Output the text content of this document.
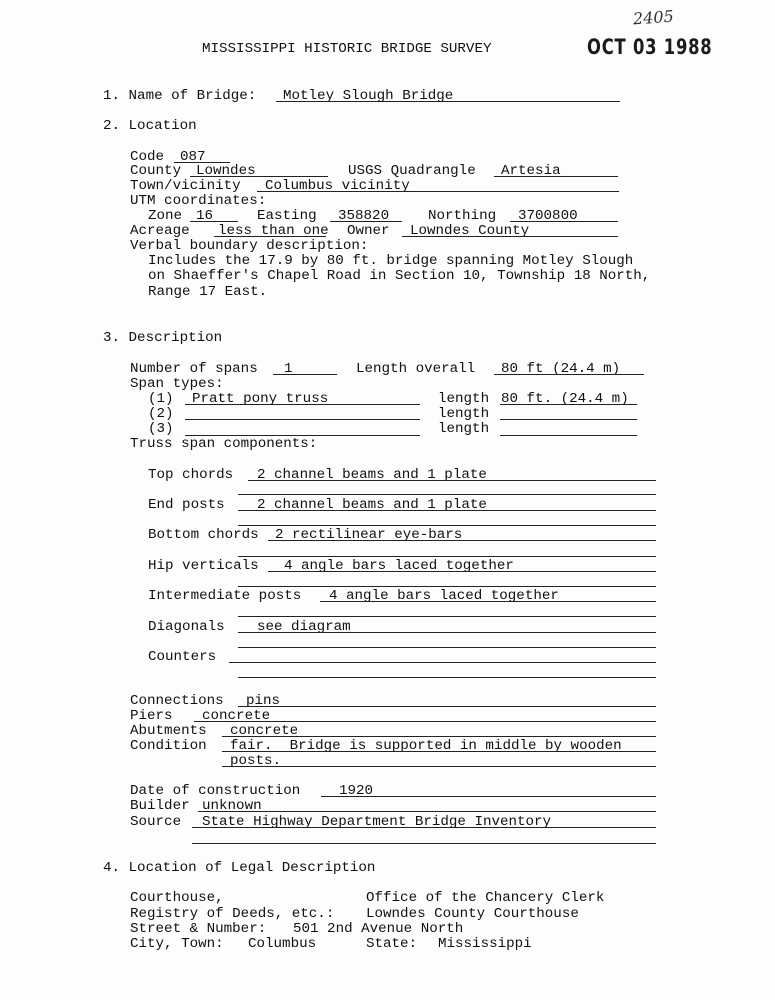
MISSISSIPPI HISTORIC BRIDGE SURVEY	OCT 03 1988
2405
1. Name of Bridge: Motley Slough Bridge
2. Location
Code 087
County Lowndes	USGS Quadrangle Artesia
Town/vicinity Columbus vicinity
UTM coordinates:
Zone 16	Easting 358820	Northing 3700800
Acreage less than one Owner Lowndes County
Verbal boundary description:
Includes the 17.9 by 80 ft. bridge spanning Motley Slough
on Shaeffer's Chapel Road in Section 10, Township 18 North,
Range 17 East.
3. Description
Number of spans 1	Length overall 80 ft (24.4 m)
Span types:
(1) Pratt pony truss	length 80 ft. (24.4 m)
(2)	length
(3)	length
Truss span components:
Top chords 2 channel beams and 1 plate
End posts 2 channel beams and 1 plate
Bottom chords 2 rectilinear eye-bars
Hip verticals 4 angle bars laced together
Intermediate posts 4 angle bars laced together
Diagonals see diagram
Counters
Connections pins
Piers concrete
Abutments concrete
Condition fair.  Bridge is supported in middle by wooden
posts.
Date of construction	1920
Builder unknown
Source State Highway Department Bridge Inventory
4. Location of Legal Description
Courthouse,	Office of the Chancery Clerk
Registry of Deeds, etc.: Lowndes County Courthouse
Street & Number: 501 2nd Avenue North
City, Town: Columbus	State: Mississippi
